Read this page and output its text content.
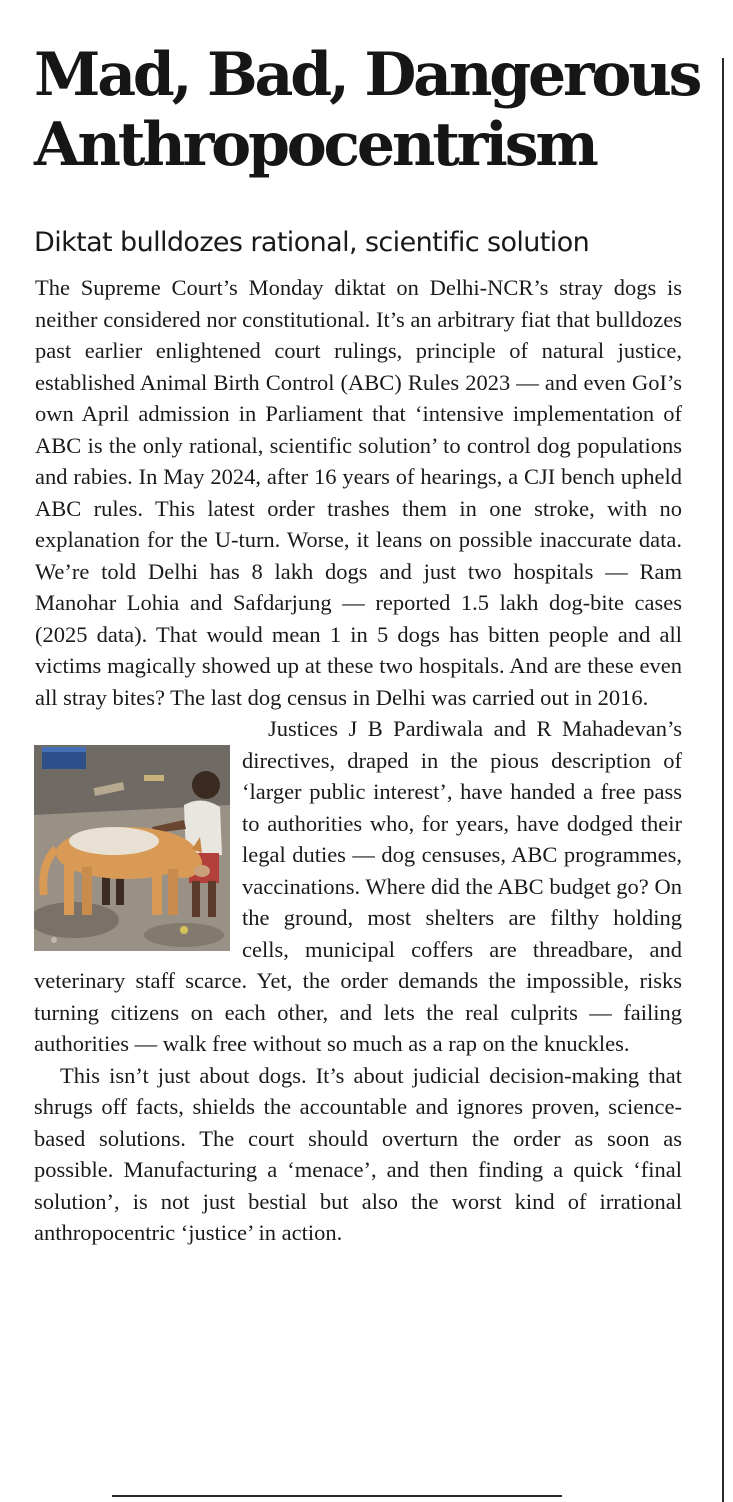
Mad, Bad, Dangerous
Anthropocentrism
Diktat bulldozes rational, scientific solution

The Supreme Court’s Monday diktat on Delhi-NCR’s stray dogs is neither considered nor constitutional. It’s an arbitrary fiat that bulldozes past earlier enlightened court rulings, principle of natural justice, established Animal Birth Control (ABC) Rules 2023 — and even GoI’s own April admission in Parliament that ‘intensive implementation of ABC is the only rational, scientific solution’ to control dog populations and rabies. In May 2024, after 16 years of hearings, a CJI bench upheld ABC rules. This latest order trashes them in one stroke, with no explanation for the U-turn. Worse, it leans on possible inaccurate data. We’re told Delhi has 8 lakh dogs and just two hospitals — Ram Manohar Lohia and Safdarjung — reported 1.5 lakh dog-bite cases (2025 data). That would mean 1 in 5 dogs has bitten people and all victims magically showed up at these two hospitals. And are these even all stray bites? The last dog census in Delhi was carried out in 2016.

Justices J B Pardiwala and R Mahadevan’s directives, draped in the pious description of ‘larger public interest’, have handed a free pass to authorities who, for years, have dodged their legal duties — dog censuses, ABC programmes, vaccinations. Where did the ABC budget go? On the ground, most shelters are filthy holding cells, municipal coffers are threadbare, and veterinary staff scarce. Yet, the order demands the impossible, risks turning citizens on each other, and lets the real culprits — failing authorities — walk free without so much as a rap on the knuckles.

This isn’t just about dogs. It’s about judicial decision-making that shrugs off facts, shields the accountable and ignores proven, science-based solutions. The court should overturn the order as soon as possible. Manufacturing a ‘menace’, and then finding a quick ‘final solution’, is not just bestial but also the worst kind of irrational anthropocentric ‘justice’ in action.
